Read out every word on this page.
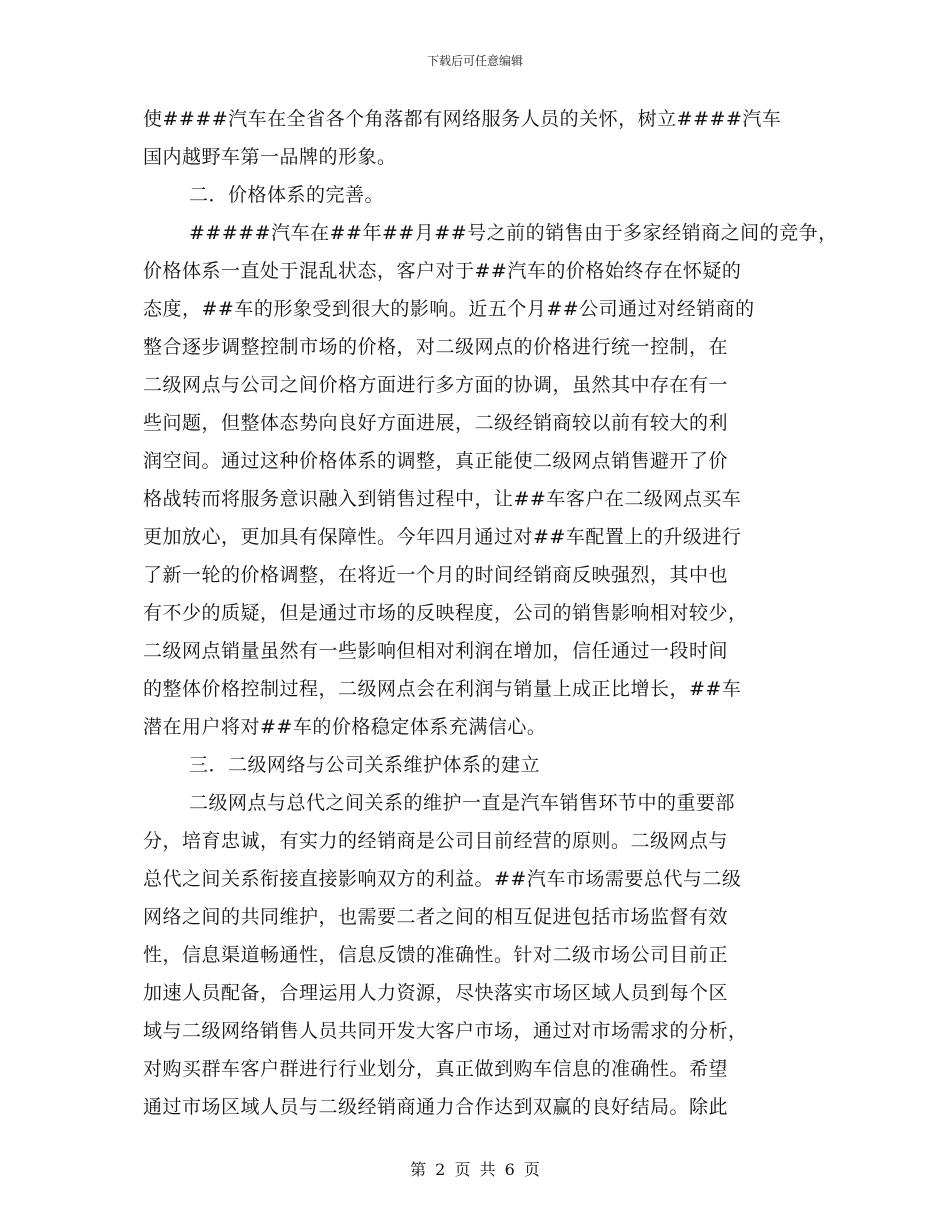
下载后可任意编辑
使####汽车在全省各个角落都有网络服务人员的关怀，树立####汽车
国内越野车第一品牌的形象。
二．价格体系的完善。
#####汽车在##年##月##号之前的销售由于多家经销商之间的竞争，
价格体系一直处于混乱状态，客户对于##汽车的价格始终存在怀疑的
态度，##车的形象受到很大的影响。近五个月##公司通过对经销商的
整合逐步调整控制市场的价格，对二级网点的价格进行统一控制，在
二级网点与公司之间价格方面进行多方面的协调，虽然其中存在有一
些问题，但整体态势向良好方面进展，二级经销商较以前有较大的利
润空间。通过这种价格体系的调整，真正能使二级网点销售避开了价
格战转而将服务意识融入到销售过程中，让##车客户在二级网点买车
更加放心，更加具有保障性。今年四月通过对##车配置上的升级进行
了新一轮的价格调整，在将近一个月的时间经销商反映强烈，其中也
有不少的质疑，但是通过市场的反映程度，公司的销售影响相对较少，
二级网点销量虽然有一些影响但相对利润在增加，信任通过一段时间
的整体价格控制过程，二级网点会在利润与销量上成正比增长，##车
潜在用户将对##车的价格稳定体系充满信心。
三．二级网络与公司关系维护体系的建立
二级网点与总代之间关系的维护一直是汽车销售环节中的重要部
分，培育忠诚，有实力的经销商是公司目前经营的原则。二级网点与
总代之间关系衔接直接影响双方的利益。##汽车市场需要总代与二级
网络之间的共同维护，也需要二者之间的相互促进包括市场监督有效
性，信息渠道畅通性，信息反馈的准确性。针对二级市场公司目前正
加速人员配备，合理运用人力资源，尽快落实市场区域人员到每个区
域与二级网络销售人员共同开发大客户市场，通过对市场需求的分析，
对购买群车客户群进行行业划分，真正做到购车信息的准确性。希望
通过市场区域人员与二级经销商通力合作达到双赢的良好结局。除此
第 2 页 共 6 页
